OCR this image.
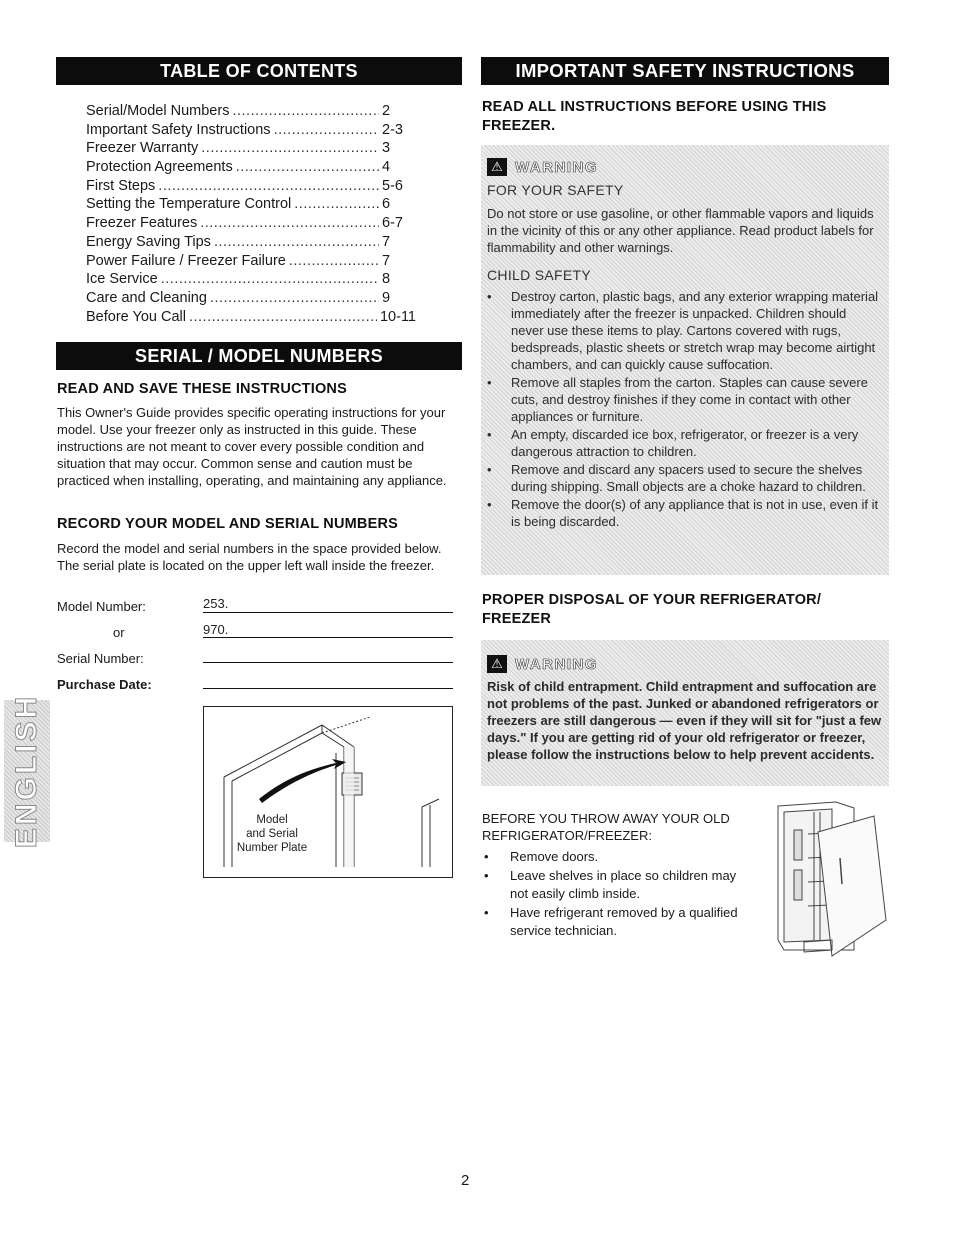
TABLE OF CONTENTS
Serial/Model Numbers .....	2
Important Safety Instructions .....	2-3
Freezer Warranty .....	3
Protection Agreements .....	4
First Steps .....	5-6
Setting the Temperature Control .....	6
Freezer Features .....	6-7
Energy Saving Tips .....	7
Power Failure / Freezer Failure .....	7
Ice Service .....	8
Care and Cleaning .....	9
Before You Call .....	10-11
SERIAL / MODEL NUMBERS
READ AND SAVE THESE INSTRUCTIONS
This Owner's Guide provides specific operating instructions for your model. Use your freezer only as instructed in this guide. These instructions are not meant to cover every possible condition and situation that may occur. Common sense and caution must be practiced when installing, operating, and maintaining any appliance.
RECORD YOUR MODEL AND SERIAL NUMBERS
Record the model and serial numbers in the space provided below. The serial plate is located on the upper left wall inside the freezer.
Model Number:	253.
or	970.
Serial Number:
Purchase Date:
ENGLISH	Model
and Serial
Number Plate
IMPORTANT SAFETY INSTRUCTIONS
READ ALL INSTRUCTIONS BEFORE USING THIS FREEZER.
⚠ WARNING
FOR YOUR SAFETY
Do not store or use gasoline, or other flammable vapors and liquids in the vicinity of this or any other appliance. Read product labels for flammability and other warnings.
CHILD SAFETY
• Destroy carton, plastic bags, and any exterior wrapping material immediately after the freezer is unpacked. Children should never use these items to play. Cartons covered with rugs, bedspreads, plastic sheets or stretch wrap may become airtight chambers, and can quickly cause suffocation.
• Remove all staples from the carton. Staples can cause severe cuts, and destroy finishes if they come in contact with other appliances or furniture.
• An empty, discarded ice box, refrigerator, or freezer is a very dangerous attraction to children.
• Remove and discard any spacers used to secure the shelves during shipping. Small objects are a choke hazard to children.
• Remove the door(s) of any appliance that is not in use, even if it is being discarded.
PROPER DISPOSAL OF YOUR REFRIGERATOR/ FREEZER
⚠ WARNING
Risk of child entrapment. Child entrapment and suffocation are not problems of the past. Junked or abandoned refrigerators or freezers are still dangerous — even if they will sit for "just a few days." If you are getting rid of your old refrigerator or freezer, please follow the instructions below to help prevent accidents.
BEFORE YOU THROW AWAY YOUR OLD REFRIGERATOR/FREEZER:
• Remove doors.
• Leave shelves in place so children may not easily climb inside.
• Have refrigerant removed by a qualified service technician.
2
